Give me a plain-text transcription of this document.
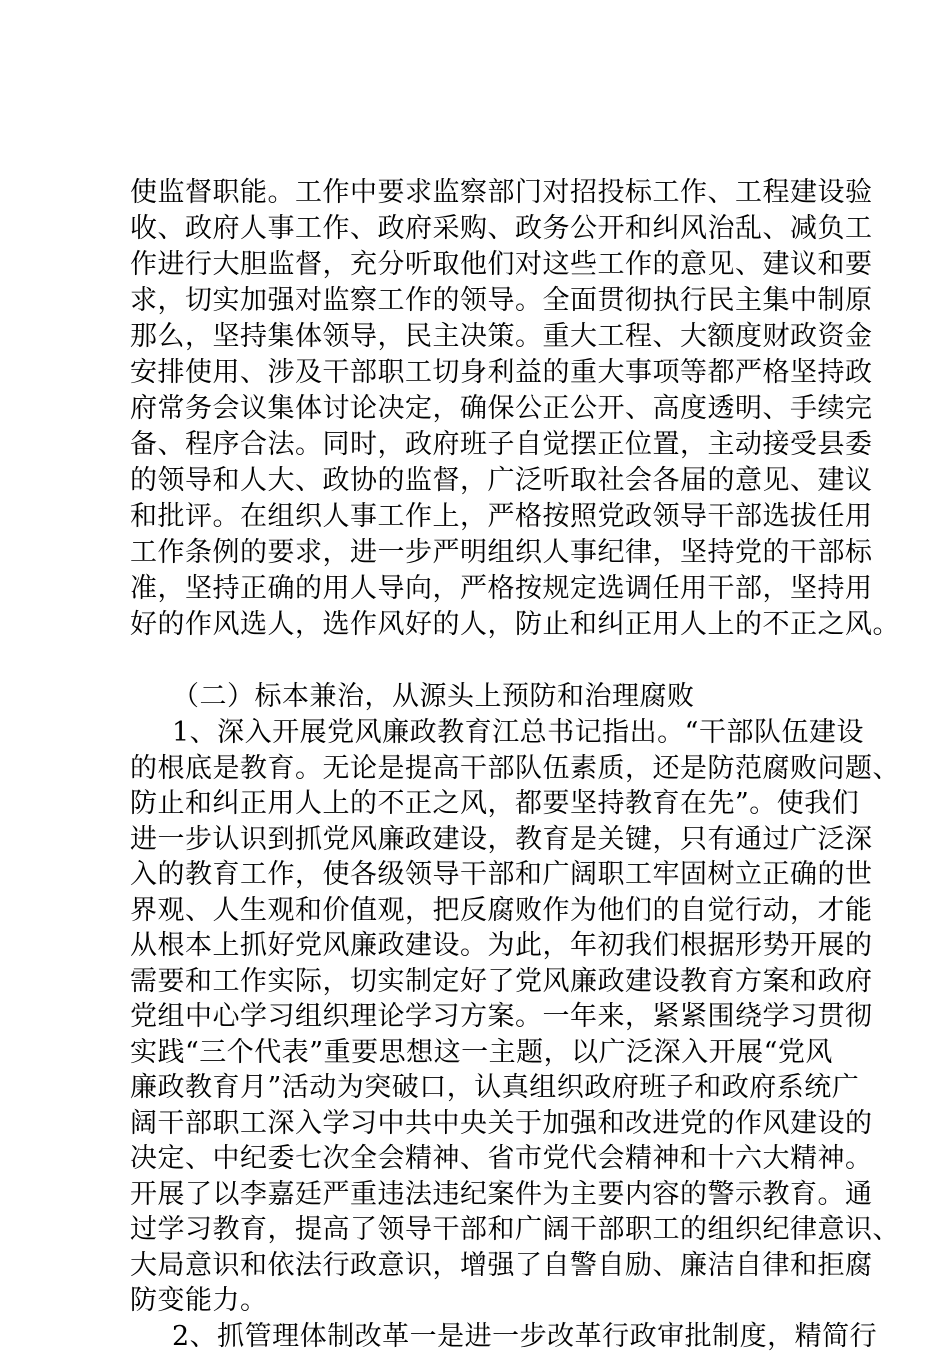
使监督职能。工作中要求监察部门对招投标工作、工程建设验
收、政府人事工作、政府采购、政务公开和纠风治乱、减负工
作进行大胆监督，充分听取他们对这些工作的意见、建议和要
求，切实加强对监察工作的领导。全面贯彻执行民主集中制原
那么，坚持集体领导，民主决策。重大工程、大额度财政资金
安排使用、涉及干部职工切身利益的重大事项等都严格坚持政
府常务会议集体讨论决定，确保公正公开、高度透明、手续完
备、程序合法。同时，政府班子自觉摆正位置，主动接受县委
的领导和人大、政协的监督，广泛听取社会各届的意见、建议
和批评。在组织人事工作上，严格按照党政领导干部选拔任用
工作条例的要求，进一步严明组织人事纪律，坚持党的干部标
准，坚持正确的用人导向，严格按规定选调任用干部，坚持用
好的作风选人，选作风好的人，防止和纠正用人上的不正之风。
（二）标本兼治，从源头上预防和治理腐败
1、深入开展党风廉政教育江总书记指出。“干部队伍建设
的根底是教育。无论是提高干部队伍素质，还是防范腐败问题、
防止和纠正用人上的不正之风，都要坚持教育在先”。使我们
进一步认识到抓党风廉政建设，教育是关键，只有通过广泛深
入的教育工作，使各级领导干部和广阔职工牢固树立正确的世
界观、人生观和价值观，把反腐败作为他们的自觉行动，才能
从根本上抓好党风廉政建设。为此，年初我们根据形势开展的
需要和工作实际，切实制定好了党风廉政建设教育方案和政府
党组中心学习组织理论学习方案。一年来，紧紧围绕学习贯彻
实践“三个代表”重要思想这一主题，以广泛深入开展“党风
廉政教育月”活动为突破口，认真组织政府班子和政府系统广
阔干部职工深入学习中共中央关于加强和改进党的作风建设的
决定、中纪委七次全会精神、省市党代会精神和十六大精神。
开展了以李嘉廷严重违法违纪案件为主要内容的警示教育。通
过学习教育，提高了领导干部和广阔干部职工的组织纪律意识、
大局意识和依法行政意识，增强了自警自励、廉洁自律和拒腐
防变能力。
2、抓管理体制改革一是进一步改革行政审批制度，精简行
